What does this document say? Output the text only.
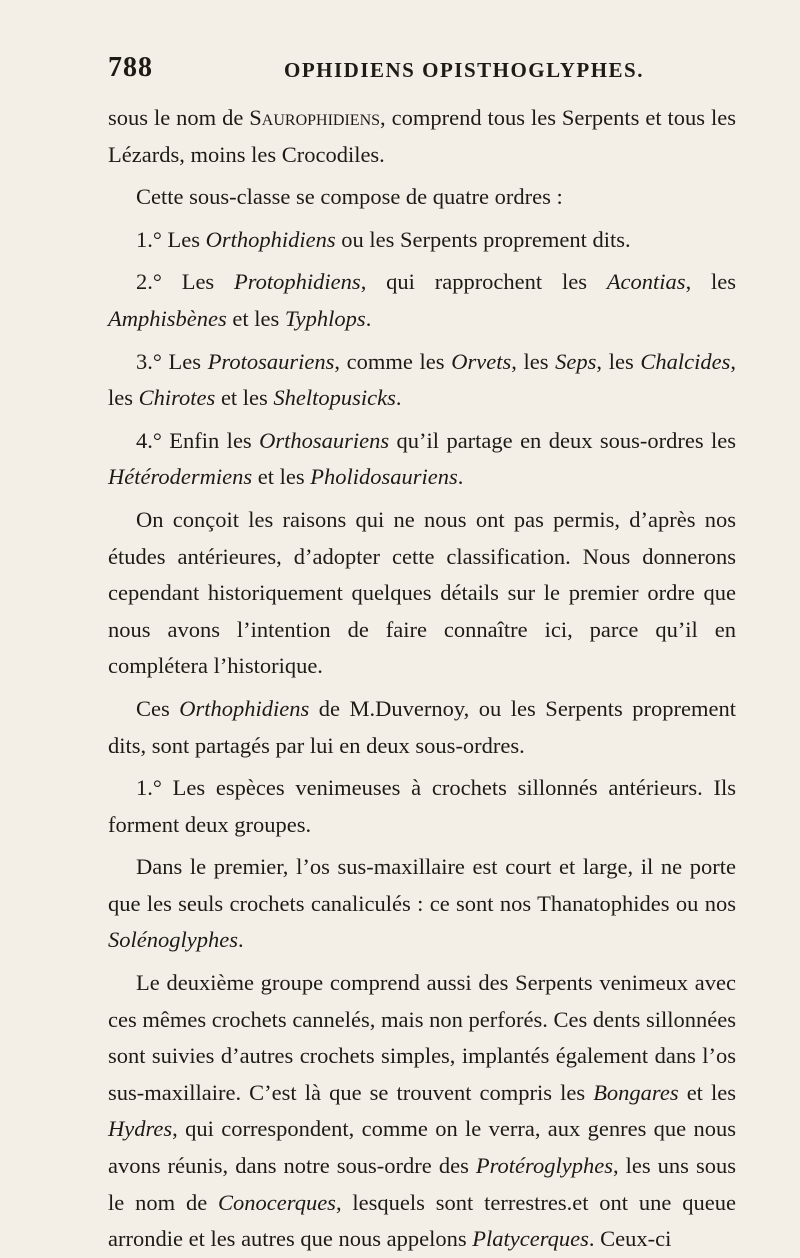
788	OPHIDIENS OPISTHOGLYPHES.

sous le nom de Saurophidiens, comprend tous les Serpents et tous les Lézards, moins les Crocodiles.

Cette sous-classe se compose de quatre ordres :

1.° Les Orthophidiens ou les Serpents proprement dits.

2.° Les Protophidiens, qui rapprochent les Acontias, les Amphisbènes et les Typhlops.

3.° Les Protosauriens, comme les Orvets, les Seps, les Chalcides, les Chirotes et les Sheltopusicks.

4.° Enfin les Orthosauriens qu’il partage en deux sous-ordres les Hétérodermiens et les Pholidosauriens.

On conçoit les raisons qui ne nous ont pas permis, d’après nos études antérieures, d’adopter cette classification. Nous donnerons cependant historiquement quelques détails sur le premier ordre que nous avons l’intention de faire connaître ici, parce qu’il en complétera l’historique.

Ces Orthophidiens de M.Duvernoy, ou les Serpents proprement dits, sont partagés par lui en deux sous-ordres.

1.° Les espèces venimeuses à crochets sillonnés antérieurs. Ils forment deux groupes.

Dans le premier, l’os sus-maxillaire est court et large, il ne porte que les seuls crochets canaliculés : ce sont nos Thanatophides ou nos Solénoglyphes.

Le deuxième groupe comprend aussi des Serpents venimeux avec ces mêmes crochets cannelés, mais non perforés. Ces dents sillonnées sont suivies d’autres crochets simples, implantés également dans l’os sus-maxillaire. C’est là que se trouvent compris les Bongares et les Hydres, qui correspondent, comme on le verra, aux genres que nous avons réunis, dans notre sous-ordre des Protéroglyphes, les uns sous le nom de Conocerques, lesquels sont terrestres.et ont une queue arrondie et les autres que nous appelons Platycerques. Ceux-ci
